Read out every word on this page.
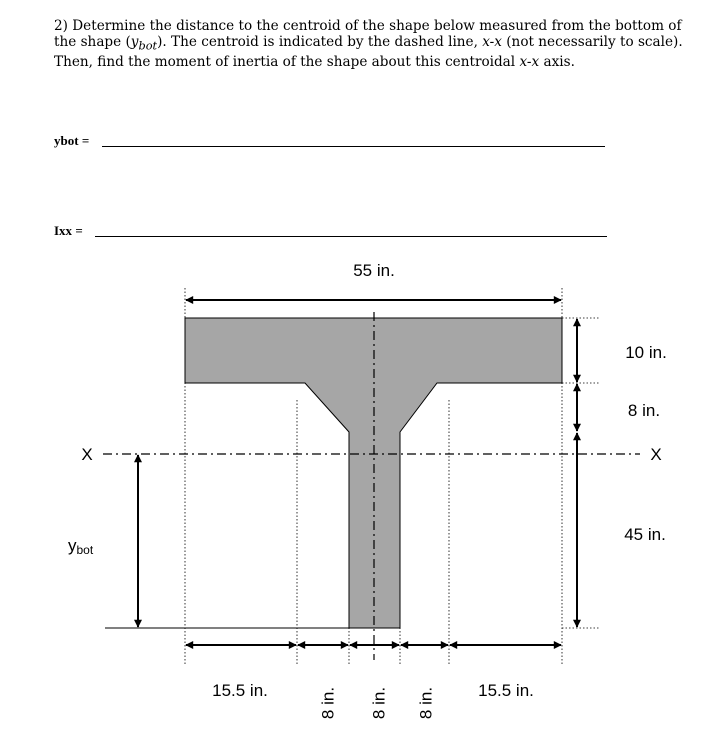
2) Determine the distance to the centroid of the shape below measured from the bottom of the shape $(y_{bot})$. The centroid is indicated by the dashed line, x-x (not necessarily to scale). Then, find the moment of inertia of the shape about this centroidal x-x axis.
ybot =
Ixx =
55 in.
10 in.
8 in.
45 in.
15.5 in.	15.5 in.
8 in. 8 in. 8 in.
X	X
ybot
